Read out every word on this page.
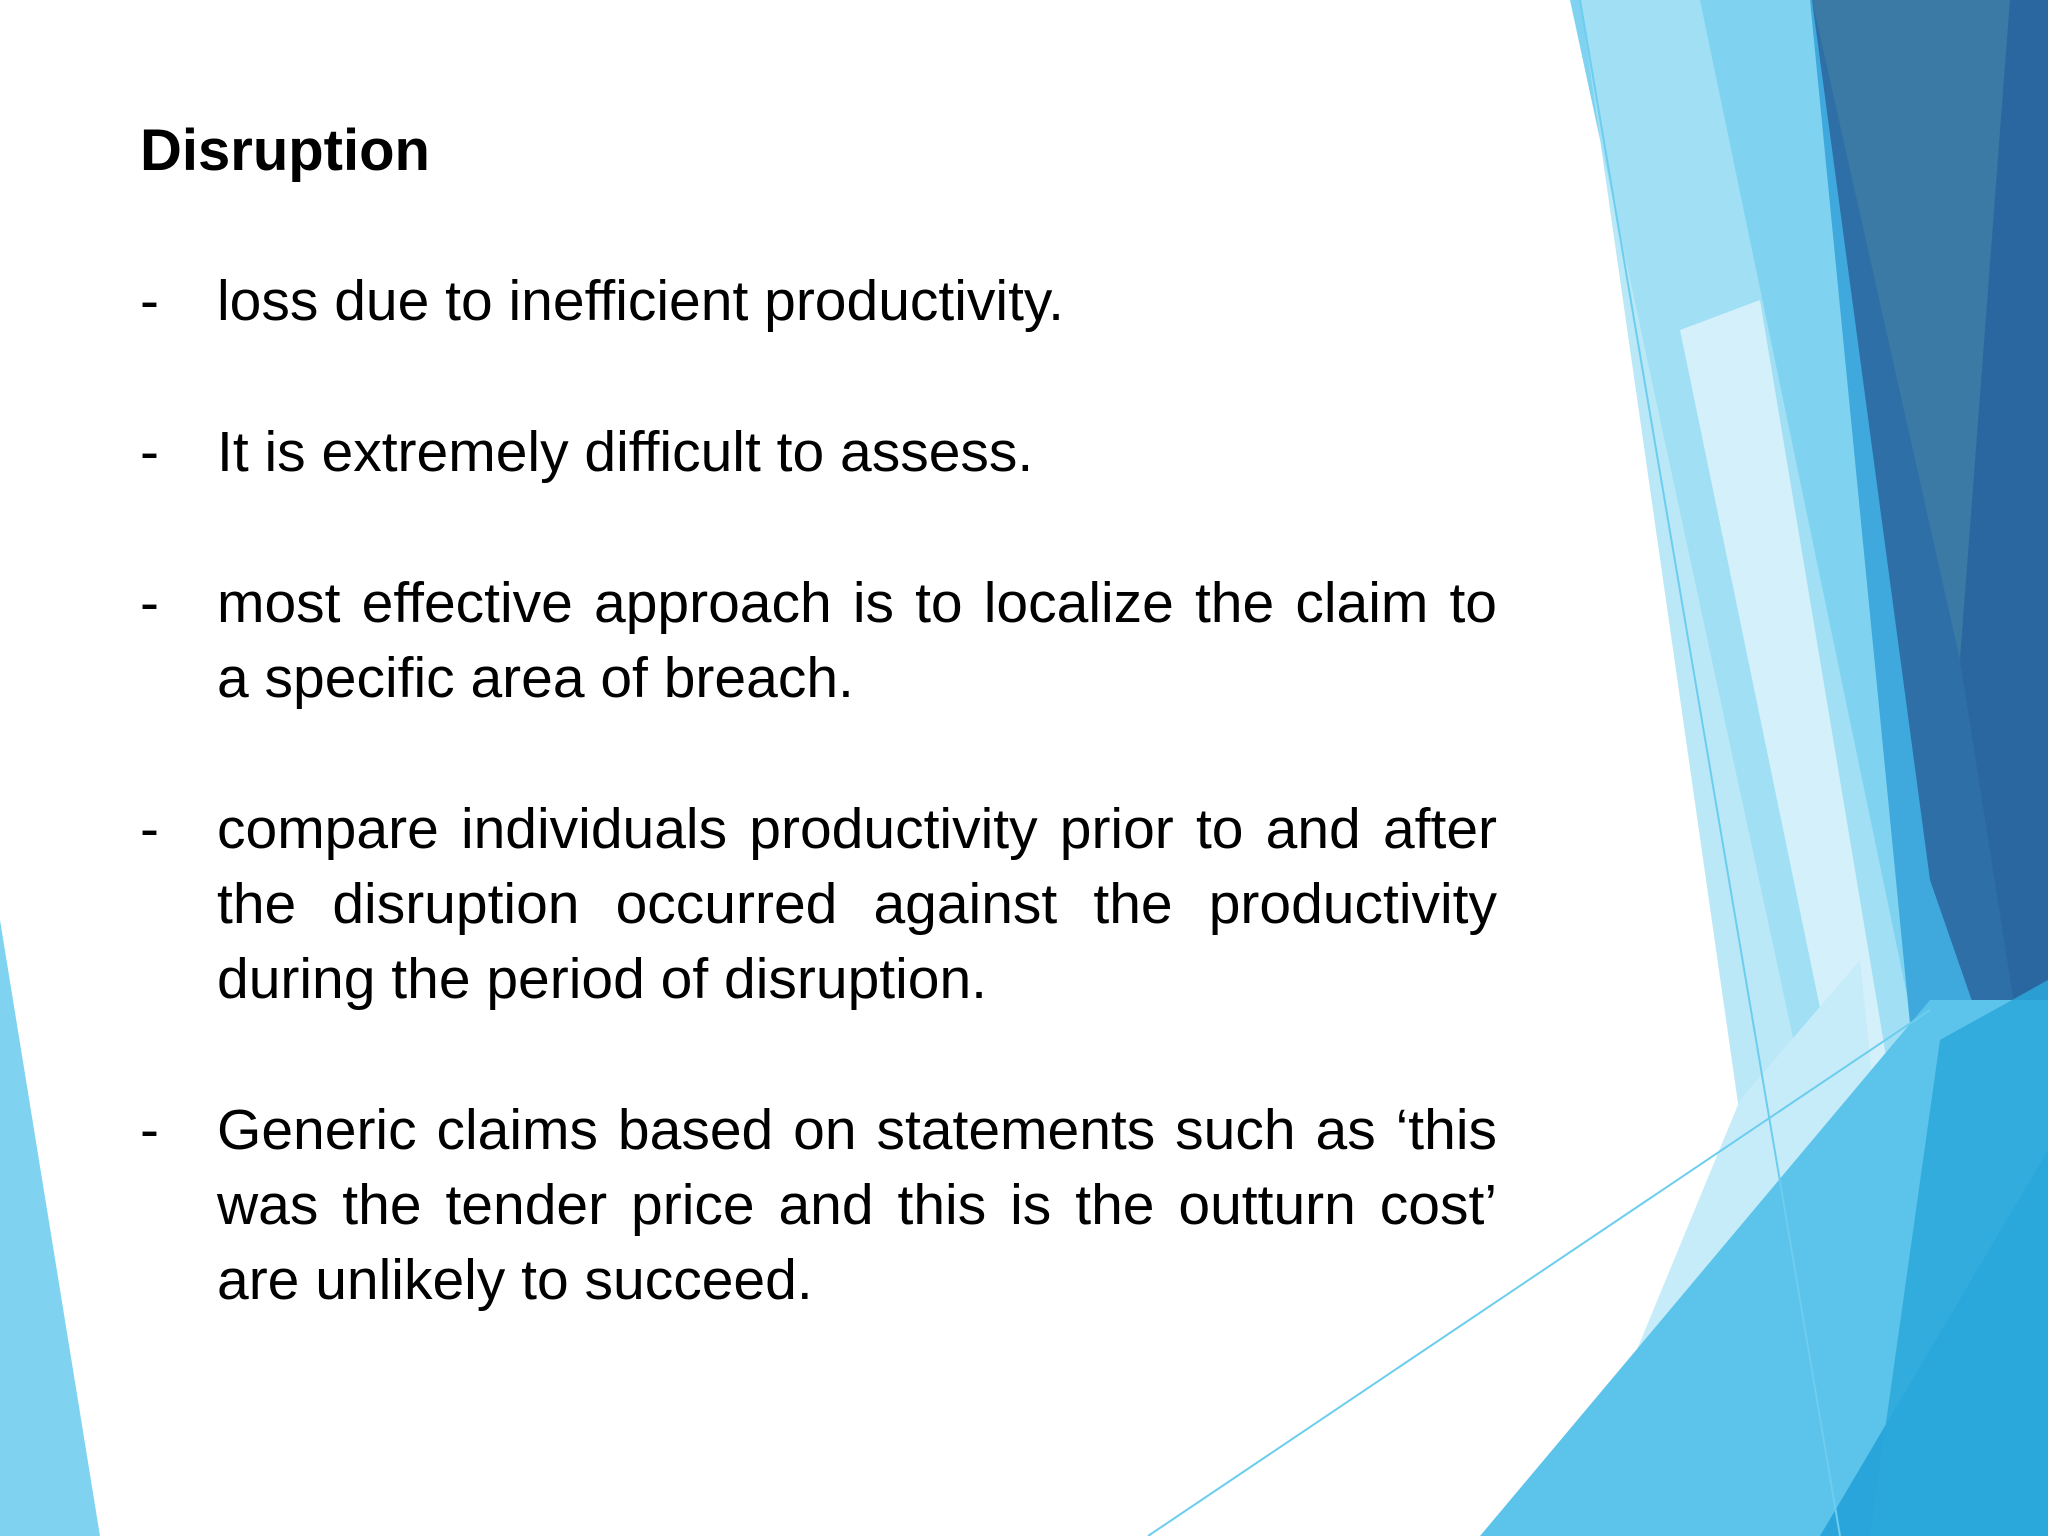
Disruption
-	loss due to inefficient productivity.
-	It is extremely difficult to assess.
-	most effective approach is to localize the claim to a specific area of breach.
-	compare individuals productivity prior to and after the disruption occurred against the productivity during the period of disruption.
-	Generic claims based on statements such as ‘this was the tender price and this is the outturn cost’ are unlikely to succeed.
